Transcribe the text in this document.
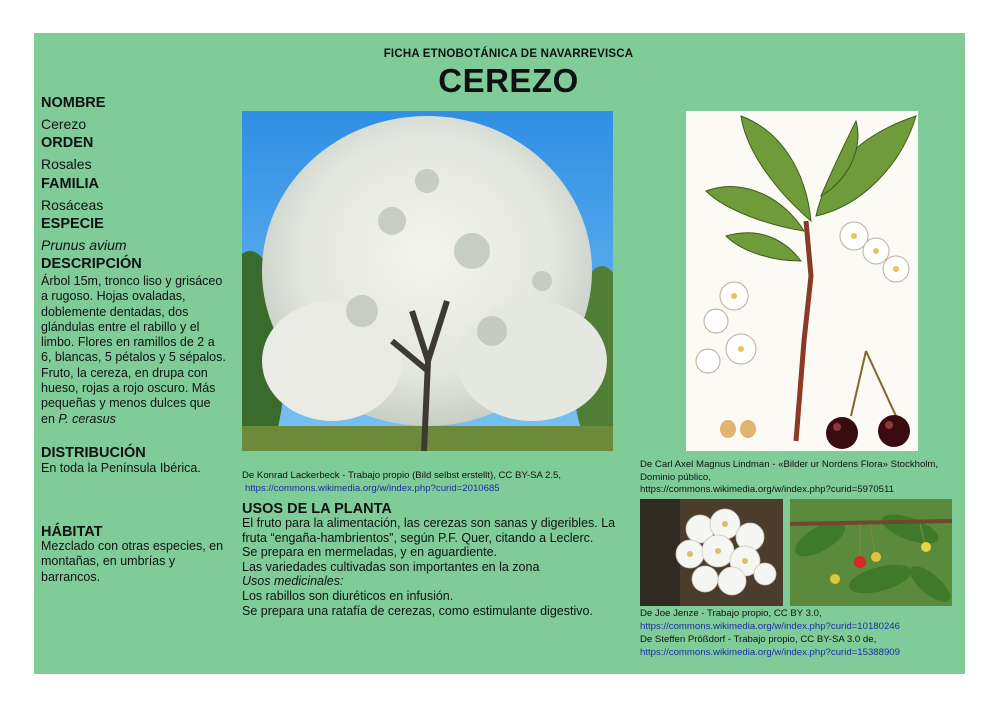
FICHA ETNOBOTÁNICA DE NAVARREVISCA
CEREZO
NOMBRE
Cerezo
ORDEN
Rosales
FAMILIA
Rosáceas
ESPECIE
Prunus avium
DESCRIPCIÓN
Árbol 15m, tronco liso y grisáceo a rugoso. Hojas ovaladas, doblemente dentadas, dos glándulas entre el rabillo y el limbo. Flores en ramillos de 2 a 6, blancas, 5 pétalos y 5 sépalos. Fruto, la cereza, en drupa con hueso, rojas a rojo oscuro. Más pequeñas y menos dulces que en P. cerasus
DISTRIBUCIÓN
En toda la Península Ibérica.
HÁBITAT
Mezclado con otras especies, en montañas, en umbrías y barrancos.
De Konrad Lackerbeck - Trabajo propio (Bild selbst erstellt), CC BY-SA 2.5,
https://commons.wikimedia.org/w/index.php?curid=2010685
USOS DE LA PLANTA
El fruto para la alimentación, las cerezas son sanas y digeribles. La
fruta “engaña-hambrientos”, según P.F. Quer, citando a Leclerc.
Se prepara en mermeladas, y en aguardiente.
Las variedades cultivadas son importantes en la zona
Usos medicinales:
Los rabillos son diuréticos en infusión.
Se prepara una ratafía de cerezas, como estimulante digestivo.
De Carl Axel Magnus Lindman - «Bilder ur Nordens Flora» Stockholm, Dominio público,
https://commons.wikimedia.org/w/index.php?curid=5970511
De Joe Jenze - Trabajo propio, CC BY 3.0,
https://commons.wikimedia.org/w/index.php?curid=10180246
De Steffen Prößdorf - Trabajo propio, CC BY-SA 3.0 de,
https://commons.wikimedia.org/w/index.php?curid=15388909
